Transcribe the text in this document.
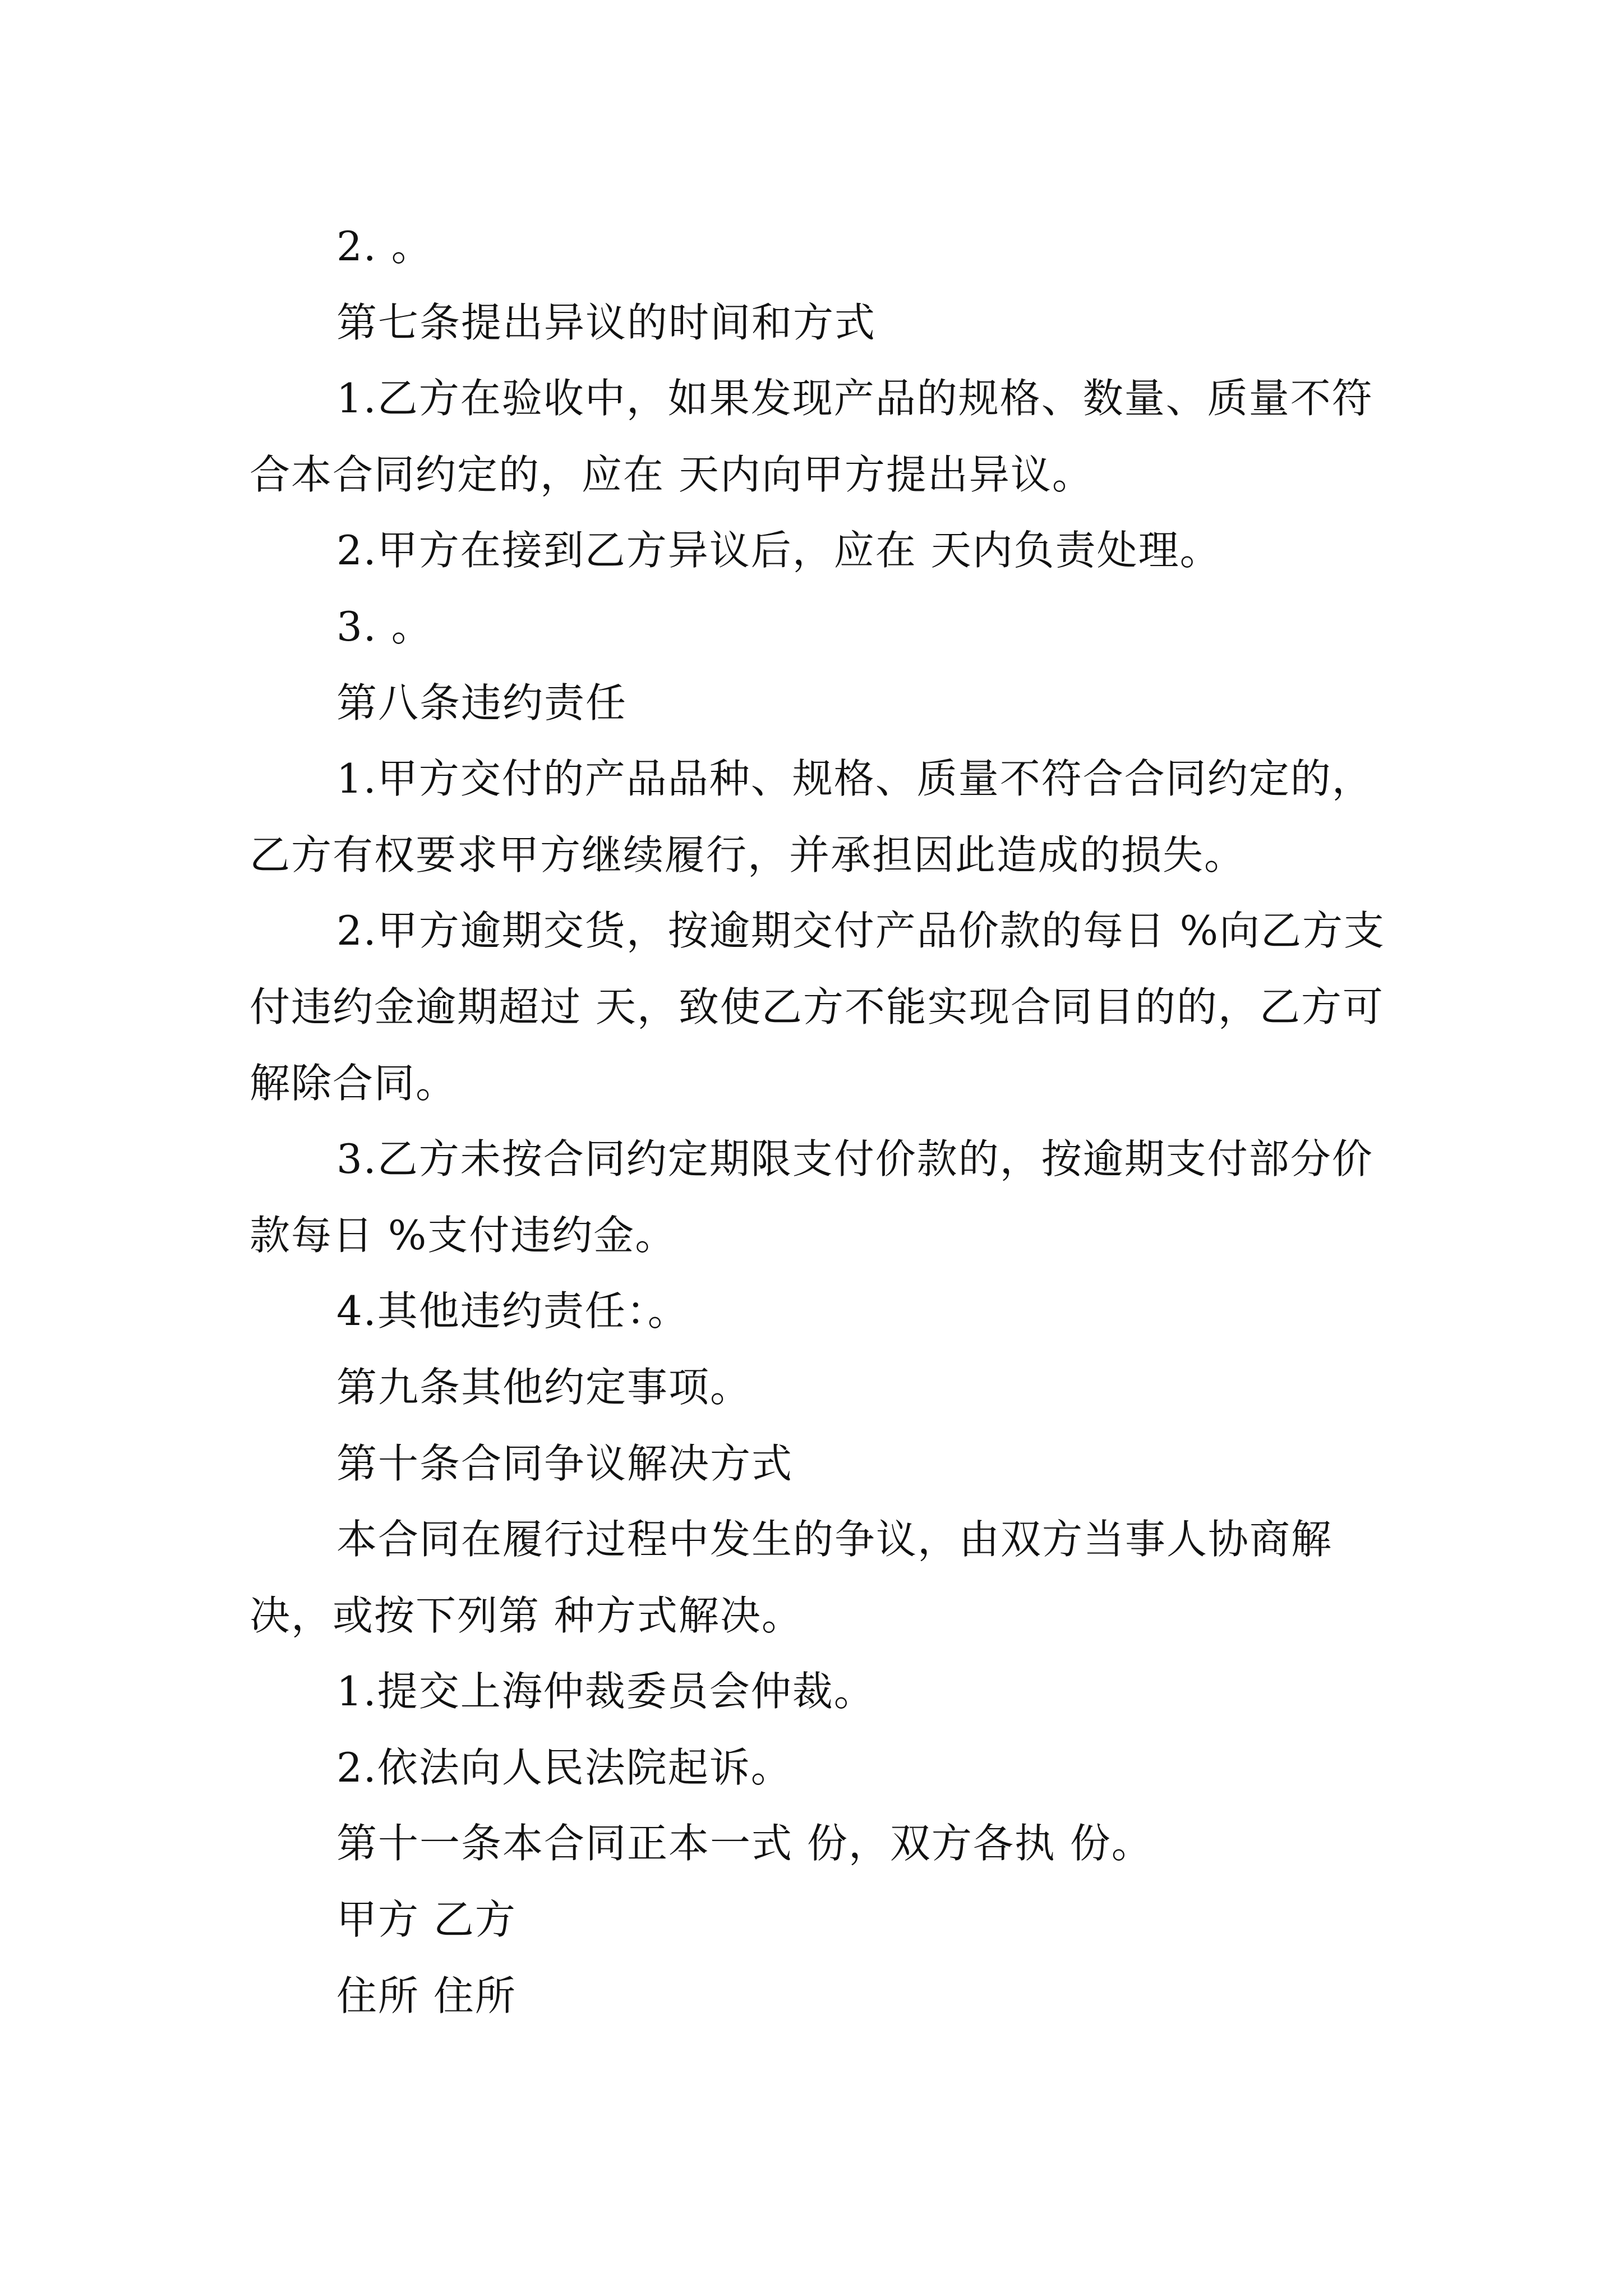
2. 。

第七条提出异议的时间和方式

1.乙方在验收中，如果发现产品的规格、数量、质量不符合本合同约定的，应在 天内向甲方提出异议。

2.甲方在接到乙方异议后，应在 天内负责处理。

3. 。

第八条违约责任

1.甲方交付的产品品种、规格、质量不符合合同约定的，乙方有权要求甲方继续履行，并承担因此造成的损失。

2.甲方逾期交货，按逾期交付产品价款的每日 %向乙方支付违约金逾期超过 天，致使乙方不能实现合同目的的，乙方可解除合同。

3.乙方未按合同约定期限支付价款的，按逾期支付部分价款每日 %支付违约金。

4.其他违约责任：。

第九条其他约定事项。

第十条合同争议解决方式

本合同在履行过程中发生的争议，由双方当事人协商解决，或按下列第 种方式解决。

1.提交上海仲裁委员会仲裁。

2.依法向人民法院起诉。

第十一条本合同正本一式 份，双方各执 份。

甲方 乙方

住所 住所
